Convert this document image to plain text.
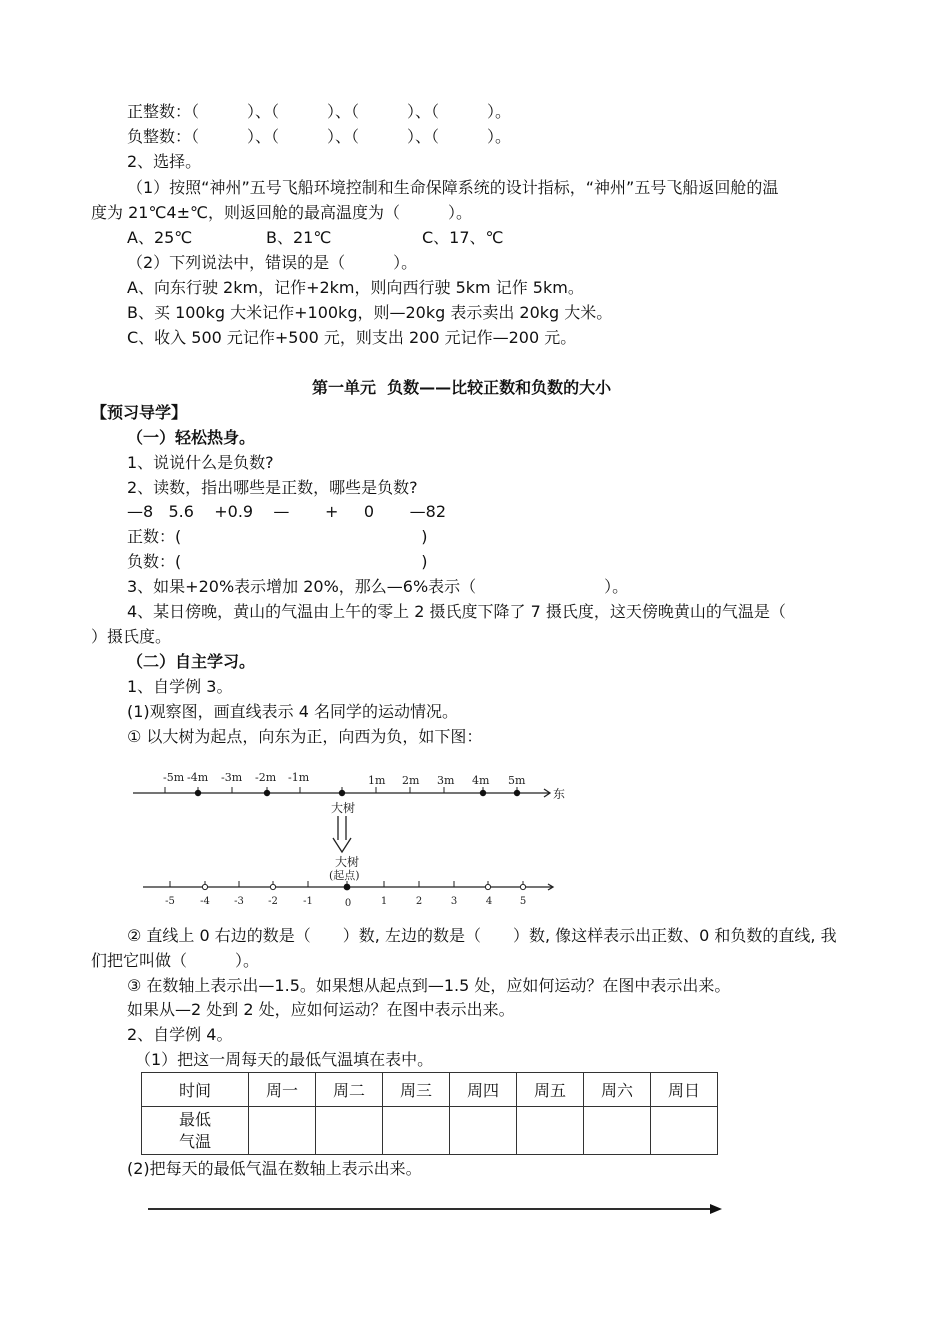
正整数：（　　　）、（　　　）、（　　　）、（　　　）。
负整数：（　　　）、（　　　）、（　　　）、（　　　）。
2、选择。
（1）按照“神州”五号飞船环境控制和生命保障系统的设计指标，“神州”五号飞船返回舱的温
度为 21℃4±℃，则返回舱的最高温度为（　　　）。
A、25℃	B、21℃	C、17、℃
（2）下列说法中，错误的是（　　　）。
A、向东行驶 2km，记作+2km，则向西行驶 5km 记作 5km。
B、买 100kg 大米记作+100kg，则—20kg 表示卖出 20kg 大米。
C、收入 500 元记作+500 元，则支出 200 元记作—200 元。
第一单元  负数——比较正数和负数的大小
【预习导学】
（一）轻松热身。
1、说说什么是负数?
2、读数，指出哪些是正数，哪些是负数?
—8   5.6    +0.9    —       +     0       —82
正数：(　　　　　　　　　　　　　　　)
负数：(　　　　　　　　　　　　　　　)
3、如果+20%表示增加 20%，那么—6%表示（　　　　　　　　）。
4、某日傍晚，黄山的气温由上午的零上 2 摄氏度下降了 7 摄氏度，这天傍晚黄山的气温是（
）摄氏度。
（二）自主学习。
1、自学例 3。
(1)观察图，画直线表示 4 名同学的运动情况。
① 以大树为起点，向东为正，向西为负，如下图：
-5m -4m -3m -2m -1m	1m 2m 3m 4m 5m
东
大树
大树
(起点)
-5	-4 -3 -2	-1	0	1	2	3	4	5
② 直线上 0 右边的数是（　　）数, 左边的数是（　　）数, 像这样表示出正数、0 和负数的直线, 我
们把它叫做（　　　）。
③ 在数轴上表示出—1.5。如果想从起点到—1.5 处，应如何运动？在图中表示出来。
如果从—2 处到 2 处，应如何运动？在图中表示出来。
2、自学例 4。
（1）把这一周每天的最低气温填在表中。
时间	周一	周二	周三	周四	周五	周六	周日

最低
气温							

(2)把每天的最低气温在数轴上表示出来。
